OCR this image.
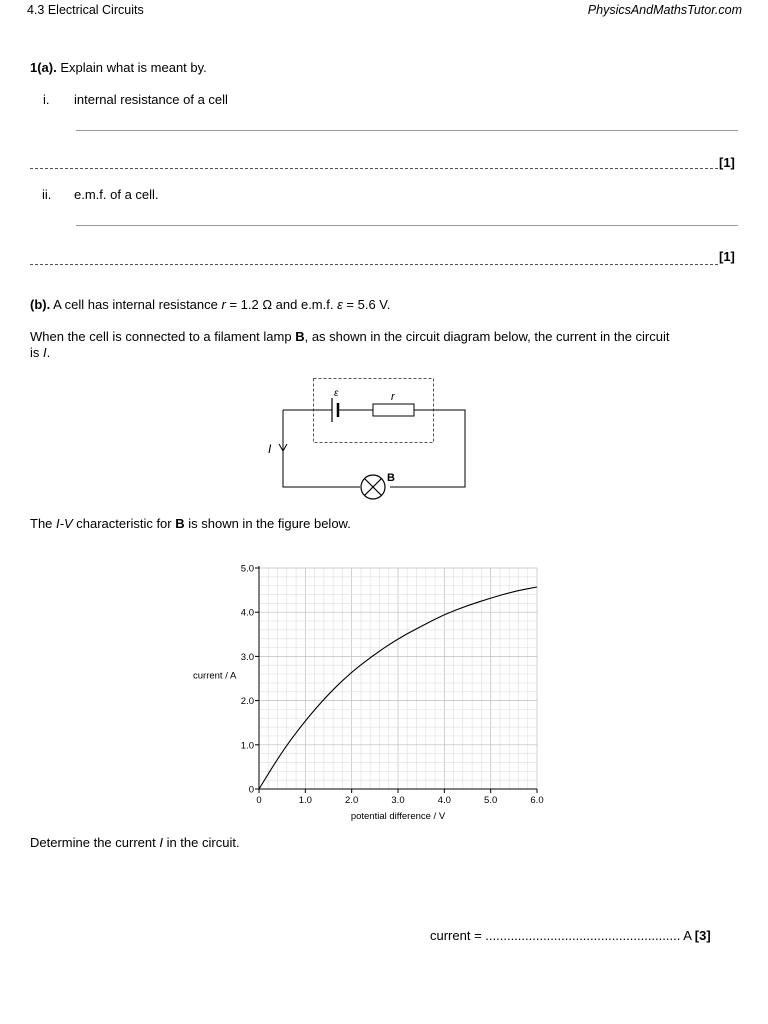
4.3 Electrical Circuits	PhysicsAndMathsTutor.com
1(a). Explain what is meant by.
i. internal resistance of a cell
[1]
ii. e.m.f. of a cell.
[1]
(b). A cell has internal resistance r = 1.2 Ω and e.m.f. ε = 5.6 V.
When the cell is connected to a filament lamp B, as shown in the circuit diagram below, the current in the circuit
is I.
ε	r
I
B
The I-V characteristic for B is shown in the figure below.
0	1.0	2.0	3.0	4.0	5.0	6.0
0
1.0
2.0
3.0
4.0
5.0
current / A
potential difference / V
Determine the current I in the circuit.
current = ...................................................... A [3]
